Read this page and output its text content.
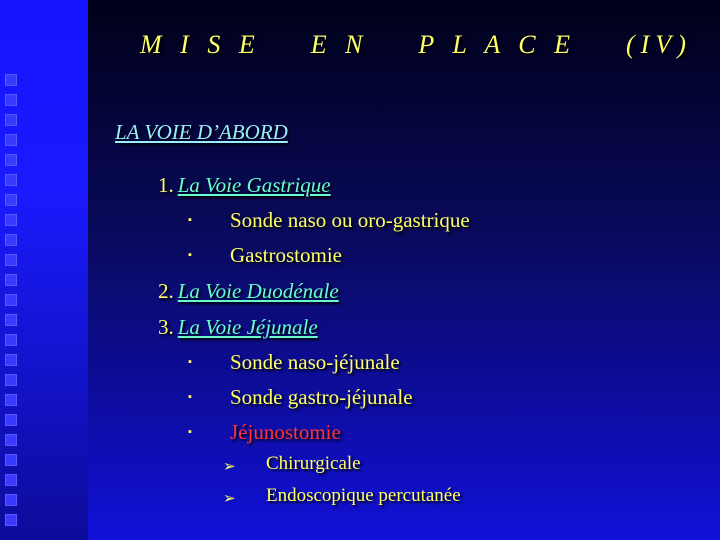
M I S E    E N    P L A C E    (IV)
LA VOIE D’ABORD
1. La Voie Gastrique
▪ Sonde naso ou oro-gastrique
▪ Gastrostomie
2. La Voie Duodénale
3. La Voie Jéjunale
▪ Sonde naso-jéjunale
▪ Sonde gastro-jéjunale
▪ Jéjunostomie
➢ Chirurgicale
➢ Endoscopique percutanée
